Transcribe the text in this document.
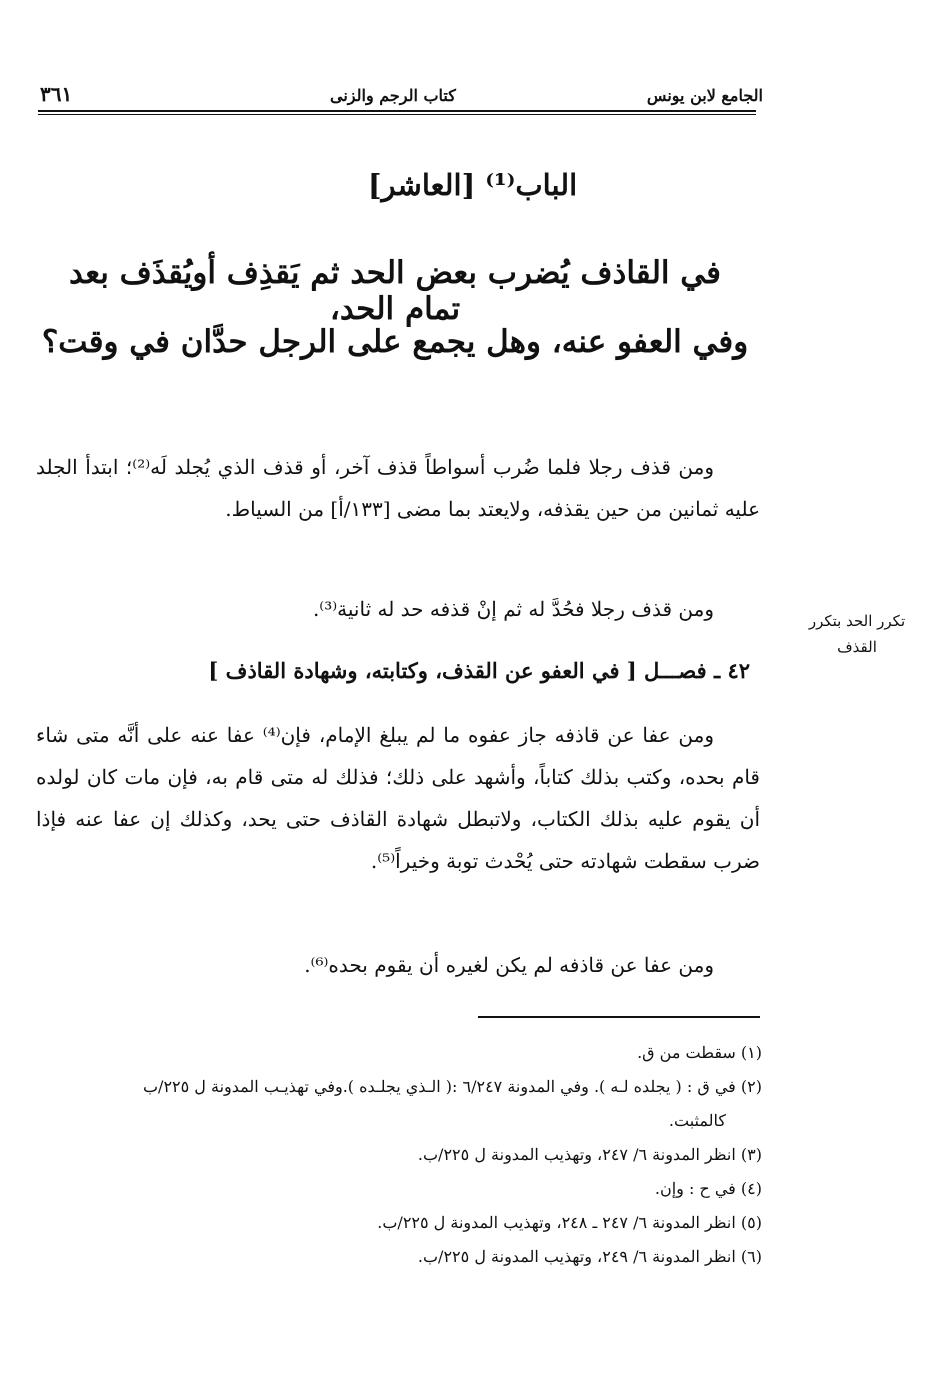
الجامع لابن يونس
كتاب الرجم والزنى
٣٦١
الباب⁽¹⁾ [العاشر]
في القاذف يُضرب بعض الحد ثم يَقذِف أويُقذَف بعد تمام الحد،
وفي العفو عنه، وهل يجمع على الرجل حدَّان في وقت؟

ومن قذف رجلا فلما ضُرب أسواطاً قذف آخر، أو قذف الذي يُجلد لَه⁽²⁾؛ ابتدأ الجلد عليه ثمانين من حين يقذفه، ولايعتد بما مضى [١٣٣/أ] من السياط.

ومن قذف رجلا فحُدَّ له ثم إنْ قذفه حد له ثانية⁽³⁾.	تكرر الحد بتكرر
القذف
٤٢ ـ فصـــل [ في العفو عن القذف، وكتابته، وشهادة القاذف ]

ومن عفا عن قاذفه جاز عفوه ما لم يبلغ الإمام، فإن⁽⁴⁾ عفا عنه على أنَّه متى شاء قام بحده، وكتب بذلك كتاباً، وأشهد على ذلك؛ فذلك له متى قام به، فإن مات كان لولده أن يقوم عليه بذلك الكتاب، ولاتبطل شهادة القاذف حتى يحد، وكذلك إن عفا عنه فإذا ضرب سقطت شهادته حتى يُحْدث توبة وخيراً⁽⁵⁾.

ومن عفا عن قاذفه لم يكن لغيره أن يقوم بحده⁽⁶⁾.

(١) سقطت من ق.
(٢) في ق : ( يجلده لـه ). وفي المدونة ٦/٢٤٧ :( الـذي يجلـده ).وفي تهذيـب المدونة ل ٢٢٥/ب
كالمثبت.
(٣) انظر المدونة ٦/ ٢٤٧، وتهذيب المدونة ل ٢٢٥/ب.
(٤) في ح : وإن.
(٥) انظر المدونة ٦/ ٢٤٧ ـ ٢٤٨، وتهذيب المدونة ل ٢٢٥/ب.
(٦) انظر المدونة ٦/ ٢٤٩، وتهذيب المدونة ل ٢٢٥/ب.
